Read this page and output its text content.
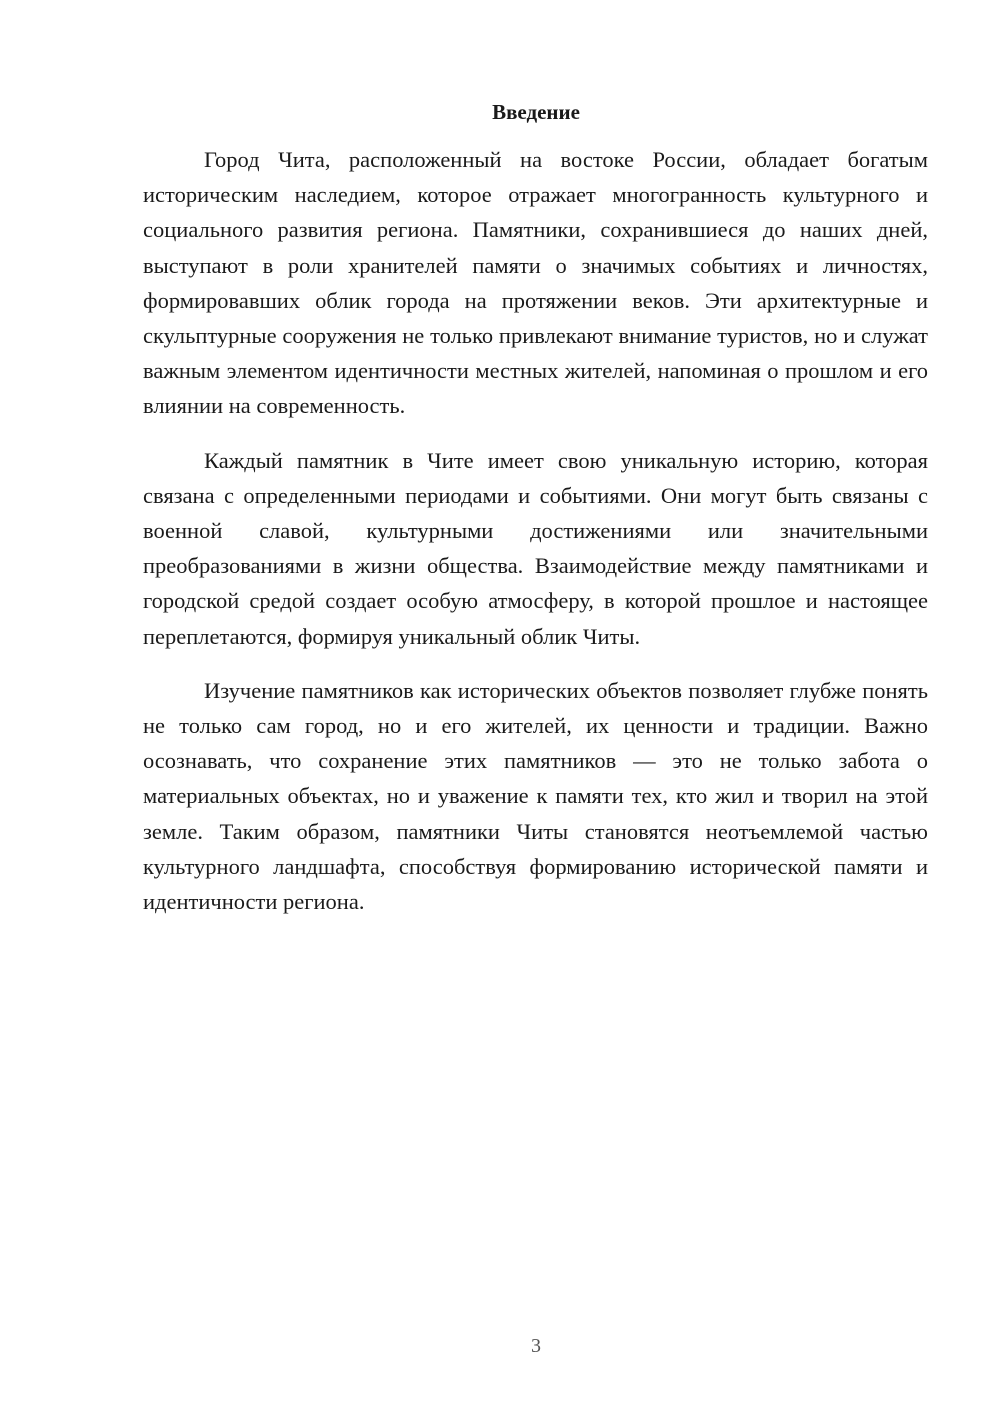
Введение

Город Чита, расположенный на востоке России, обладает богатым историческим наследием, которое отражает многогранность культурного и социального развития региона. Памятники, сохранившиеся до наших дней, выступают в роли хранителей памяти о значимых событиях и личностях, формировавших облик города на протяжении веков. Эти архитектурные и скульптурные сооружения не только привлекают внимание туристов, но и служат важным элементом идентичности местных жителей, напоминая о прошлом и его влиянии на современность.

Каждый памятник в Чите имеет свою уникальную историю, которая связана с определенными периодами и событиями. Они могут быть связаны с военной славой, культурными достижениями или значительными преобразованиями в жизни общества. Взаимодействие между памятниками и городской средой создает особую атмосферу, в которой прошлое и настоящее переплетаются, формируя уникальный облик Читы.

Изучение памятников как исторических объектов позволяет глубже понять не только сам город, но и его жителей, их ценности и традиции. Важно осознавать, что сохранение этих памятников — это не только забота о материальных объектах, но и уважение к памяти тех, кто жил и творил на этой земле. Таким образом, памятники Читы становятся неотъемлемой частью культурного ландшафта, способствуя формированию исторической памяти и идентичности региона.

3
